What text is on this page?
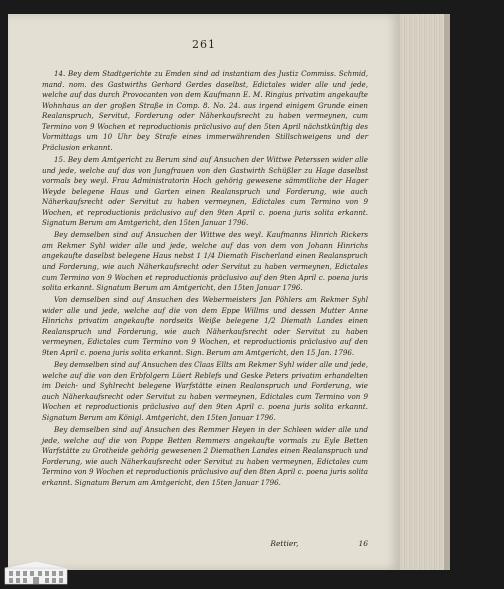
261

14. Bey dem Stadtgerichte zu Emden sind ad instantiam des Justiz Commiss. Schmid, mand. nom. des Gastwirths Gerhard Gerdes daselbst, Edictales wider alle und jede, welche auf das durch Provocanten von dem Kaufmann E. M. Ringius privatim angekaufte Wohnhaus an der großen Straße in Comp. 8. No. 24. aus irgend einigem Grunde einen Realanspruch, Servitut, Forderung oder Näherkaufsrecht zu haben vermeynen, cum Termino von 9 Wochen et reproductionis präclusivo auf den 5ten April nächstkünftig des Vormittags um 10 Uhr bey Strafe eines immerwährenden Stillschweigens und der Präclusion erkannt.

15. Bey dem Amtgericht zu Berum sind auf Ansuchen der Wittwe Peterssen wider alle und jede, welche auf das von Jungfrauen von den Gastwirth Schüßler zu Hage daselbst vormals bey weyl. Frau Administratorin Hoch gehörig gewesene sämmtliche der Hager Weyde belegene Haus und Garten einen Realanspruch und Forderung, wie auch Näherkaufsrecht oder Servitut zu haben vermeynen, Edictales cum Termino von 9 Wochen, et reproductionis präclusivo auf den 9ten April c. poena juris solita erkannt. Signatum Berum am Amtgericht, den 15ten Januar 1796.

Bey demselben sind auf Ansuchen der Wittwe des weyl. Kaufmanns Hinrich Rickers am Rekmer Syhl wider alle und jede, welche auf das von dem von Johann Hinrichs angekaufte daselbst belegene Haus nebst 1 1/4 Diemath Fischerland einen Realanspruch und Forderung, wie auch Näherkaufsrecht oder Servitut zu haben vermeynen, Edictales cum Termino von 9 Wochen et reproductionis präclusivo auf den 9ten April c. poena juris solita erkannt. Signatum Berum am Amtgericht, den 15ten Januar 1796.

Von demselben sind auf Ansuchen des Webermeisters Jan Pöhlers am Rekmer Syhl wider alle und jede, welche auf die von dem Eppe Willms und dessen Mutter Anne Hinrichs privatim angekaufte nordseits Weiße belegene 1/2 Diemath Landes einen Realanspruch und Forderung, wie auch Näherkaufsrecht oder Servitut zu haben vermeynen, Edictales cum Termino von 9 Wochen, et reproductionis präclusivo auf den 9ten April c. poena juris solita erkannt. Sign. Berum am Amtgericht, den 15 Jan. 1796.

Bey demselben sind auf Ansuchen des Claas Ellts am Rekmer Syhl wider alle und jede, welche auf die von den Erbfolgern Lüert Reblefs und Geske Peters privatim erhandelten im Deich- und Syhlrecht belegene Warfstätte einen Realanspruch und Forderung, wie auch Näherkaufsrecht oder Servitut zu haben vermeynen, Edictales cum Termino von 9 Wochen et reproductionis präclusivo auf den 9ten April c. poena juris solita erkannt. Signatum Berum am Königl. Amtgericht, den 15ten Januar 1796.

Bey demselben sind auf Ansuchen des Remmer Heyen in der Schleen wider alle und jede, welche auf die von Poppe Betten Remmers angekaufte vormals zu Eyle Betten Warfstätte zu Grotheide gehörig gewesenen 2 Diemathen Landes einen Realanspruch und Forderung, wie auch Näherkaufsrecht oder Servitut zu haben vermeynen, Edictales cum Termino von 9 Wochen et reproductionis präclusivo auf den 8ten April c. poena juris solita erkannt. Signatum Berum am Amtgericht, den 15ten Januar 1796.

Rettier,	16
